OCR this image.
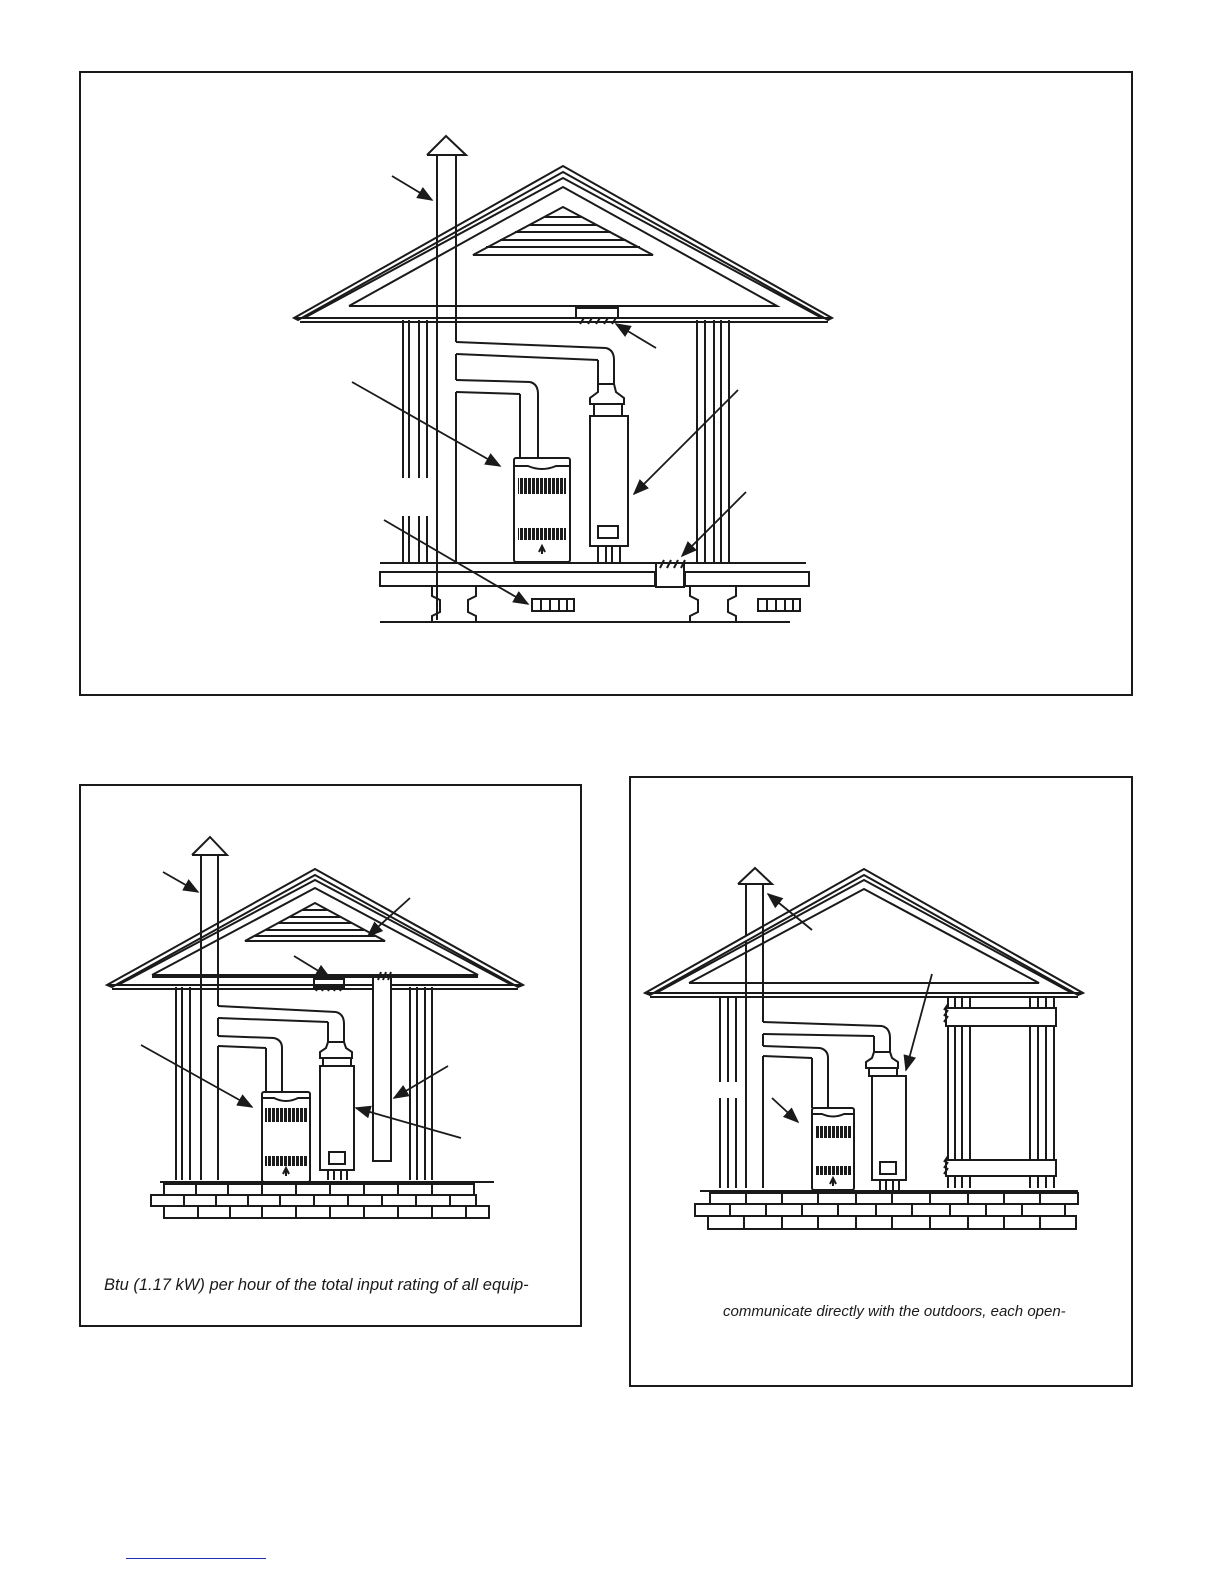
Btu (1.17 kW) per hour of the total input rating of all equip-
communicate directly with the outdoors, each open-
